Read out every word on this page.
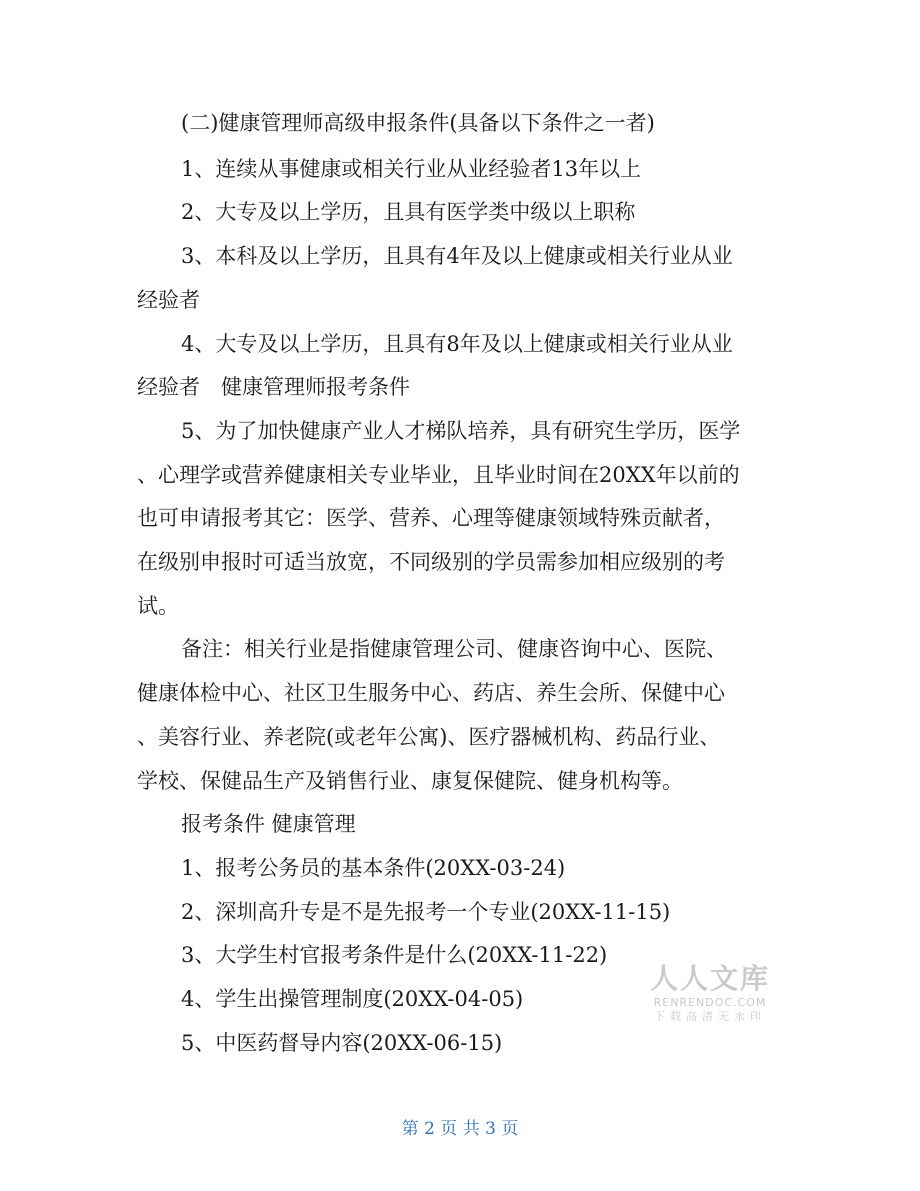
(二)健康管理师高级申报条件(具备以下条件之一者)
1、连续从事健康或相关行业从业经验者13年以上
2、大专及以上学历，且具有医学类中级以上职称
3、本科及以上学历，且具有4年及以上健康或相关行业从业
经验者
4、大专及以上学历，且具有8年及以上健康或相关行业从业
经验者　健康管理师报考条件
5、为了加快健康产业人才梯队培养，具有研究生学历，医学
、心理学或营养健康相关专业毕业，且毕业时间在20XX年以前的
也可申请报考其它：医学、营养、心理等健康领域特殊贡献者，
在级别申报时可适当放宽，不同级别的学员需参加相应级别的考
试。
备注：相关行业是指健康管理公司、健康咨询中心、医院、
健康体检中心、社区卫生服务中心、药店、养生会所、保健中心
、美容行业、养老院(或老年公寓)、医疗器械机构、药品行业、
学校、保健品生产及销售行业、康复保健院、健身机构等。
报考条件 健康管理
1、报考公务员的基本条件(20XX-03-24)
2、深圳高升专是不是先报考一个专业(20XX-11-15)
3、大学生村官报考条件是什么(20XX-11-22)
4、学生出操管理制度(20XX-04-05)
5、中医药督导内容(20XX-06-15)
人人文库
RENRENDOC.COM
下载高清无水印
第 2 页 共 3 页
